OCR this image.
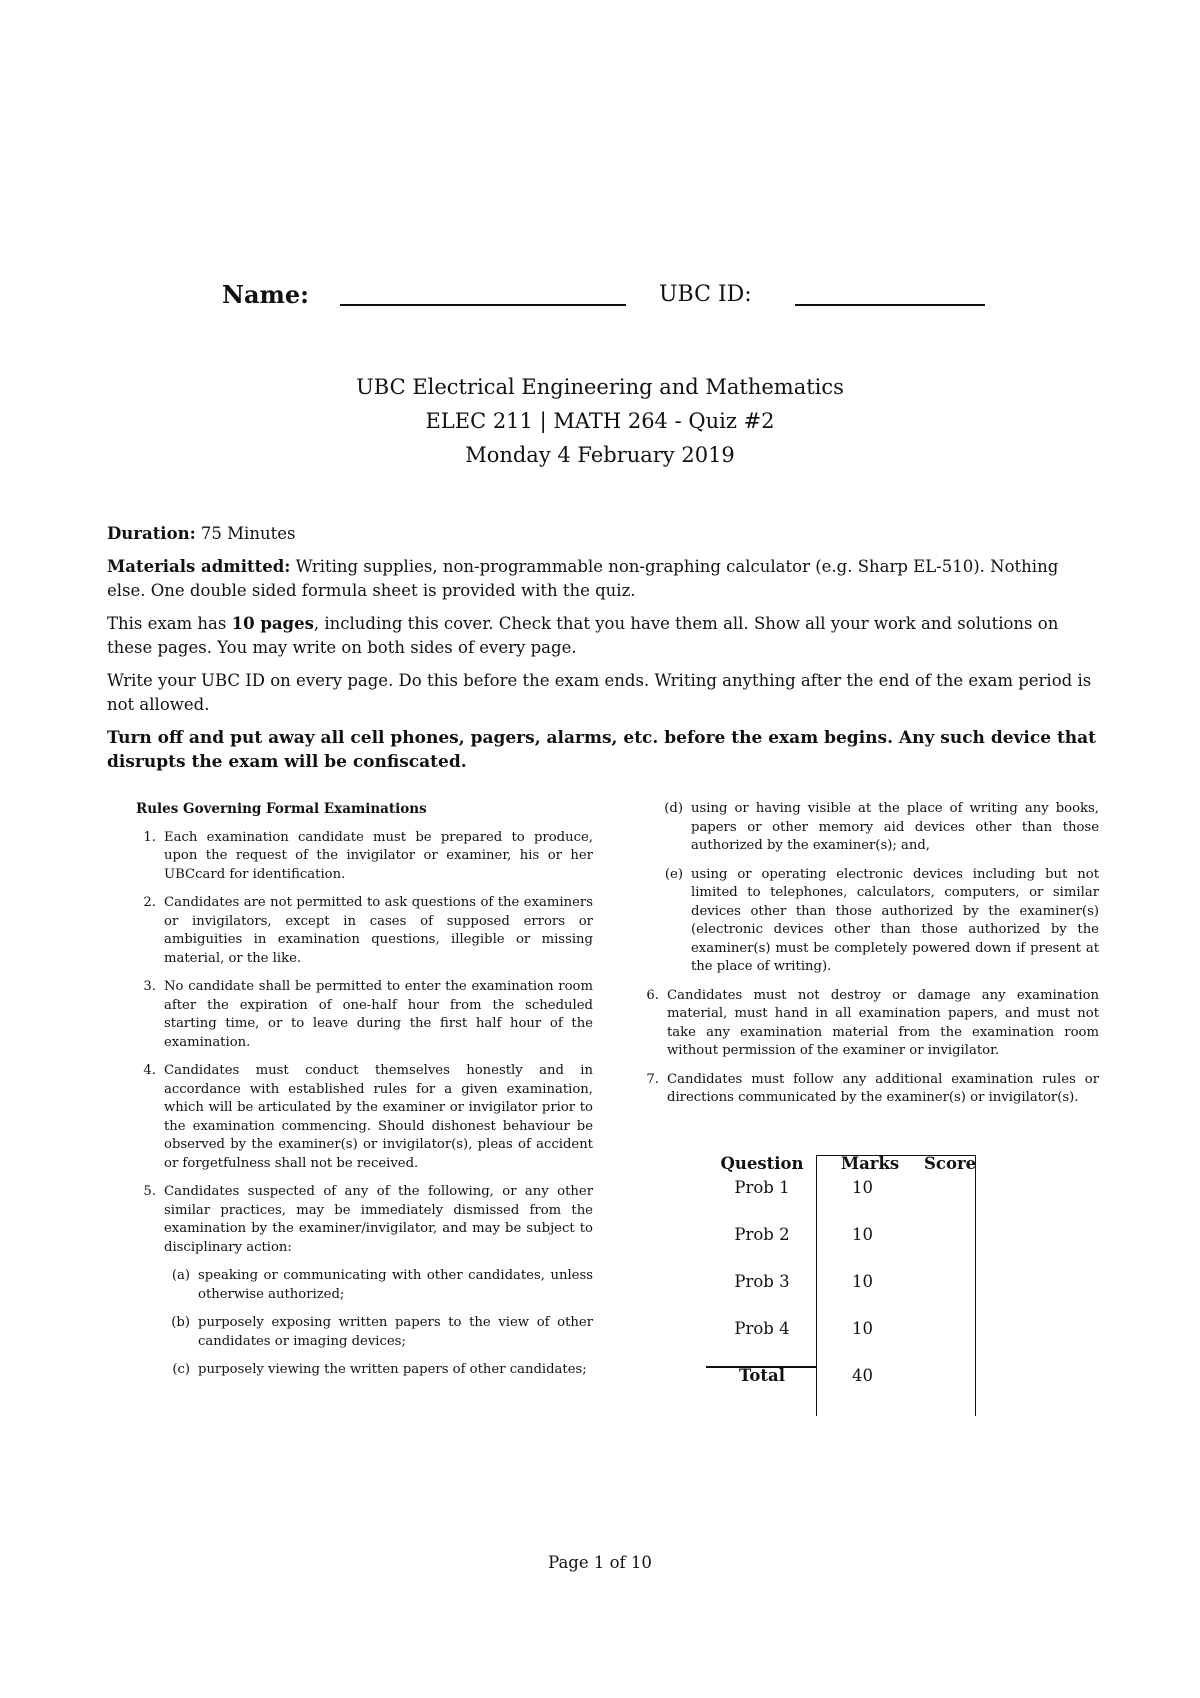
Name:	UBC ID:
UBC Electrical Engineering and Mathematics
ELEC 211 | MATH 264 - Quiz #2
Monday 4 February 2019

Duration: 75 Minutes

Materials admitted: Writing supplies, non-programmable non-graphing calculator (e.g. Sharp EL-510). Nothing else. One double sided formula sheet is provided with the quiz.

This exam has 10 pages, including this cover. Check that you have them all. Show all your work and solutions on these pages. You may write on both sides of every page.

Write your UBC ID on every page. Do this before the exam ends. Writing anything after the end of the exam period is not allowed.

Turn off and put away all cell phones, pagers, alarms, etc. before the exam begins. Any such device that disrupts the exam will be confiscated.

Rules Governing Formal Examinations
1. Each examination candidate must be prepared to produce, upon the request of the invigilator or examiner, his or her UBCcard for identification.
2. Candidates are not permitted to ask questions of the examiners or invigilators, except in cases of supposed errors or ambiguities in examination questions, illegible or missing material, or the like.
3. No candidate shall be permitted to enter the examination room after the expiration of one-half hour from the scheduled starting time, or to leave during the first half hour of the examination.
4. Candidates must conduct themselves honestly and in accordance with established rules for a given examination, which will be articulated by the examiner or invigilator prior to the examination commencing. Should dishonest behaviour be observed by the examiner(s) or invigilator(s), pleas of accident or forgetfulness shall not be received.
5. Candidates suspected of any of the following, or any other similar practices, may be immediately dismissed from the examination by the examiner/invigilator, and may be subject to disciplinary action:
(a) speaking or communicating with other candidates, unless otherwise authorized;
(b) purposely exposing written papers to the view of other candidates or imaging devices;
(c) purposely viewing the written papers of other candidates;
(d) using or having visible at the place of writing any books, papers or other memory aid devices other than those authorized by the examiner(s); and,
(e) using or operating electronic devices including but not limited to telephones, calculators, computers, or similar devices other than those authorized by the examiner(s) (electronic devices other than those authorized by the examiner(s) must be completely powered down if present at the place of writing).
6. Candidates must not destroy or damage any examination material, must hand in all examination papers, and must not take any examination material from the examination room without permission of the examiner or invigilator.
7. Candidates must follow any additional examination rules or directions communicated by the examiner(s) or invigilator(s).
Question	Marks	Score
Prob 1	10	
Prob 2	10	
Prob 3	10	
Prob 4	10	
Total	40	
Page 1 of 10
